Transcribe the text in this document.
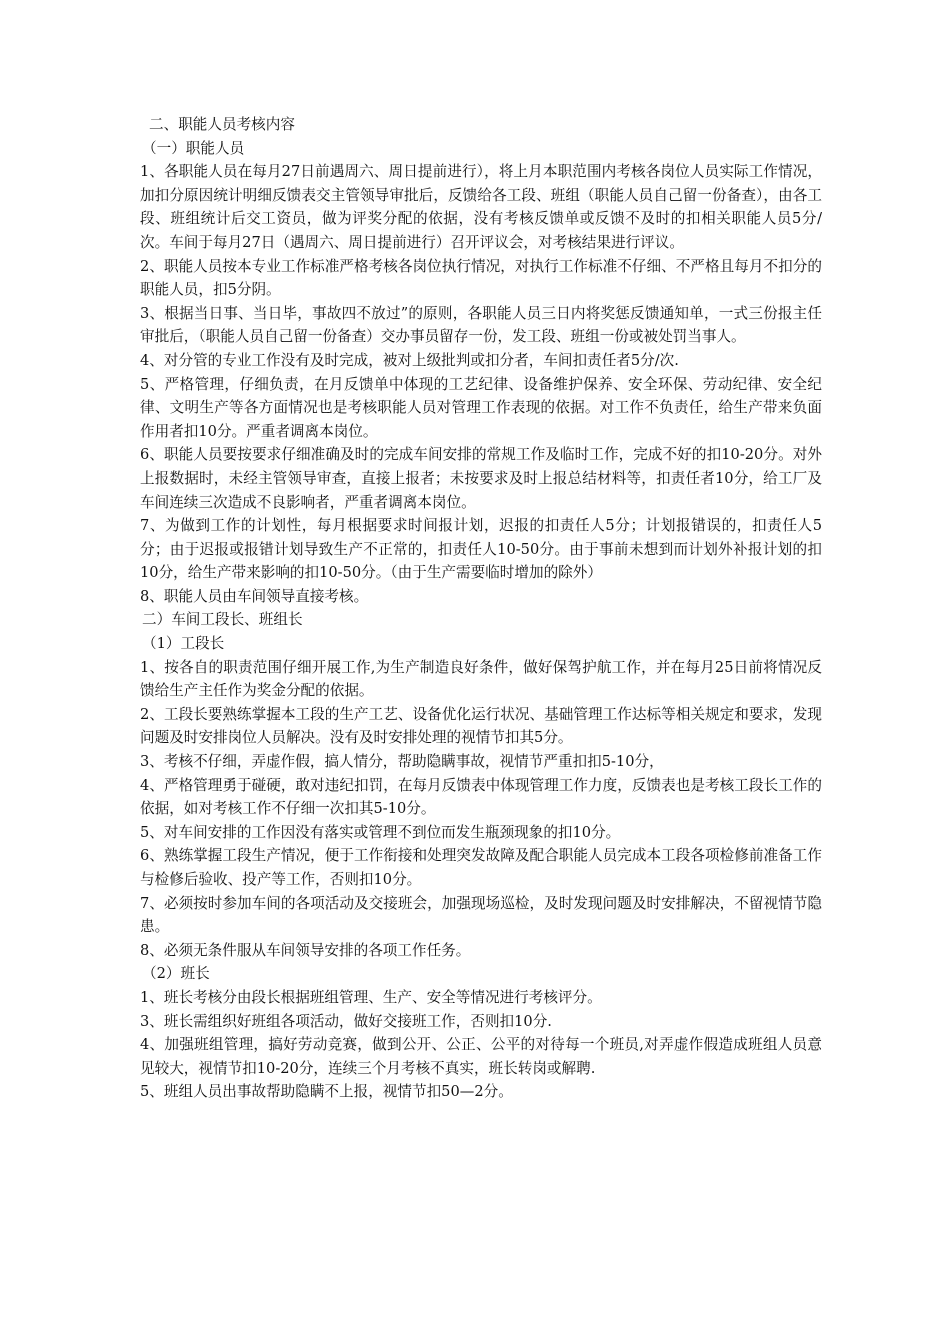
二、职能人员考核内容

（一）职能人员

1、各职能人员在每月27日前遇周六、周日提前进行），将上月本职范围内考核各岗位人员实际工作情况，加扣分原因统计明细反馈表交主管领导审批后，反馈给各工段、班组（职能人员自己留一份备查），由各工段、班组统计后交工资员，做为评奖分配的依据，没有考核反馈单或反馈不及时的扣相关职能人员5分/次。车间于每月27日（遇周六、周日提前进行）召开评议会，对考核结果进行评议。

2、职能人员按本专业工作标准严格考核各岗位执行情况，对执行工作标准不仔细、不严格且每月不扣分的职能人员，扣5分阴。

3、根据当日事、当日毕，事故四不放过”的原则，各职能人员三日内将奖惩反馈通知单，一式三份报主任审批后，（职能人员自己留一份备查）交办事员留存一份，发工段、班组一份或被处罚当事人。

4、对分管的专业工作没有及时完成，被对上级批判或扣分者，车间扣责任者5分/次.

5、严格管理，仔细负责，在月反馈单中体现的工艺纪律、设备维护保养、安全环保、劳动纪律、安全纪律、文明生产等各方面情况也是考核职能人员对管理工作表现的依据。对工作不负责任，给生产带来负面作用者扣10分。严重者调离本岗位。

6、职能人员要按要求仔细准确及时的完成车间安排的常规工作及临时工作，完成不好的扣10-20分。对外上报数据时，未经主管领导审查，直接上报者；未按要求及时上报总结材料等，扣责任者10分，给工厂及车间连续三次造成不良影响者，严重者调离本岗位。

7、为做到工作的计划性，每月根据要求时间报计划，迟报的扣责任人5分；计划报错误的，扣责任人5分；由于迟报或报错计划导致生产不正常的，扣责任人10-50分。由于事前未想到而计划外补报计划的扣10分，给生产带来影响的扣10-50分。（由于生产需要临时增加的除外）

8、职能人员由车间领导直接考核。

二）车间工段长、班组长

（1）工段长

1、按各自的职责范围仔细开展工作,为生产制造良好条件，做好保驾护航工作，并在每月25日前将情况反馈给生产主任作为奖金分配的依据。

2、工段长要熟练掌握本工段的生产工艺、设备优化运行状况、基础管理工作达标等相关规定和要求，发现问题及时安排岗位人员解决。没有及时安排处理的视情节扣其5分。

3、考核不仔细，弄虚作假，搞人情分，帮助隐瞒事故，视情节严重扣扣5-10分，

4、严格管理勇于碰硬，敢对违纪扣罚，在每月反馈表中体现管理工作力度，反馈表也是考核工段长工作的依据，如对考核工作不仔细一次扣其5-10分。

5、对车间安排的工作因没有落实或管理不到位而发生瓶颈现象的扣10分。

6、熟练掌握工段生产情况，便于工作衔接和处理突发故障及配合职能人员完成本工段各项检修前准备工作与检修后验收、投产等工作，否则扣10分。

7、必须按时参加车间的各项活动及交接班会，加强现场巡检，及时发现问题及时安排解决，不留视情节隐患。

8、必须无条件服从车间领导安排的各项工作任务。

（2）班长

1、班长考核分由段长根据班组管理、生产、安全等情况进行考核评分。

3、班长需组织好班组各项活动，做好交接班工作，否则扣10分.

4、加强班组管理，搞好劳动竞赛，做到公开、公正、公平的对待每一个班员,对弄虚作假造成班组人员意见较大，视情节扣10-20分，连续三个月考核不真实，班长转岗或解聘.

5、班组人员出事故帮助隐瞒不上报，视情节扣50—2分。
